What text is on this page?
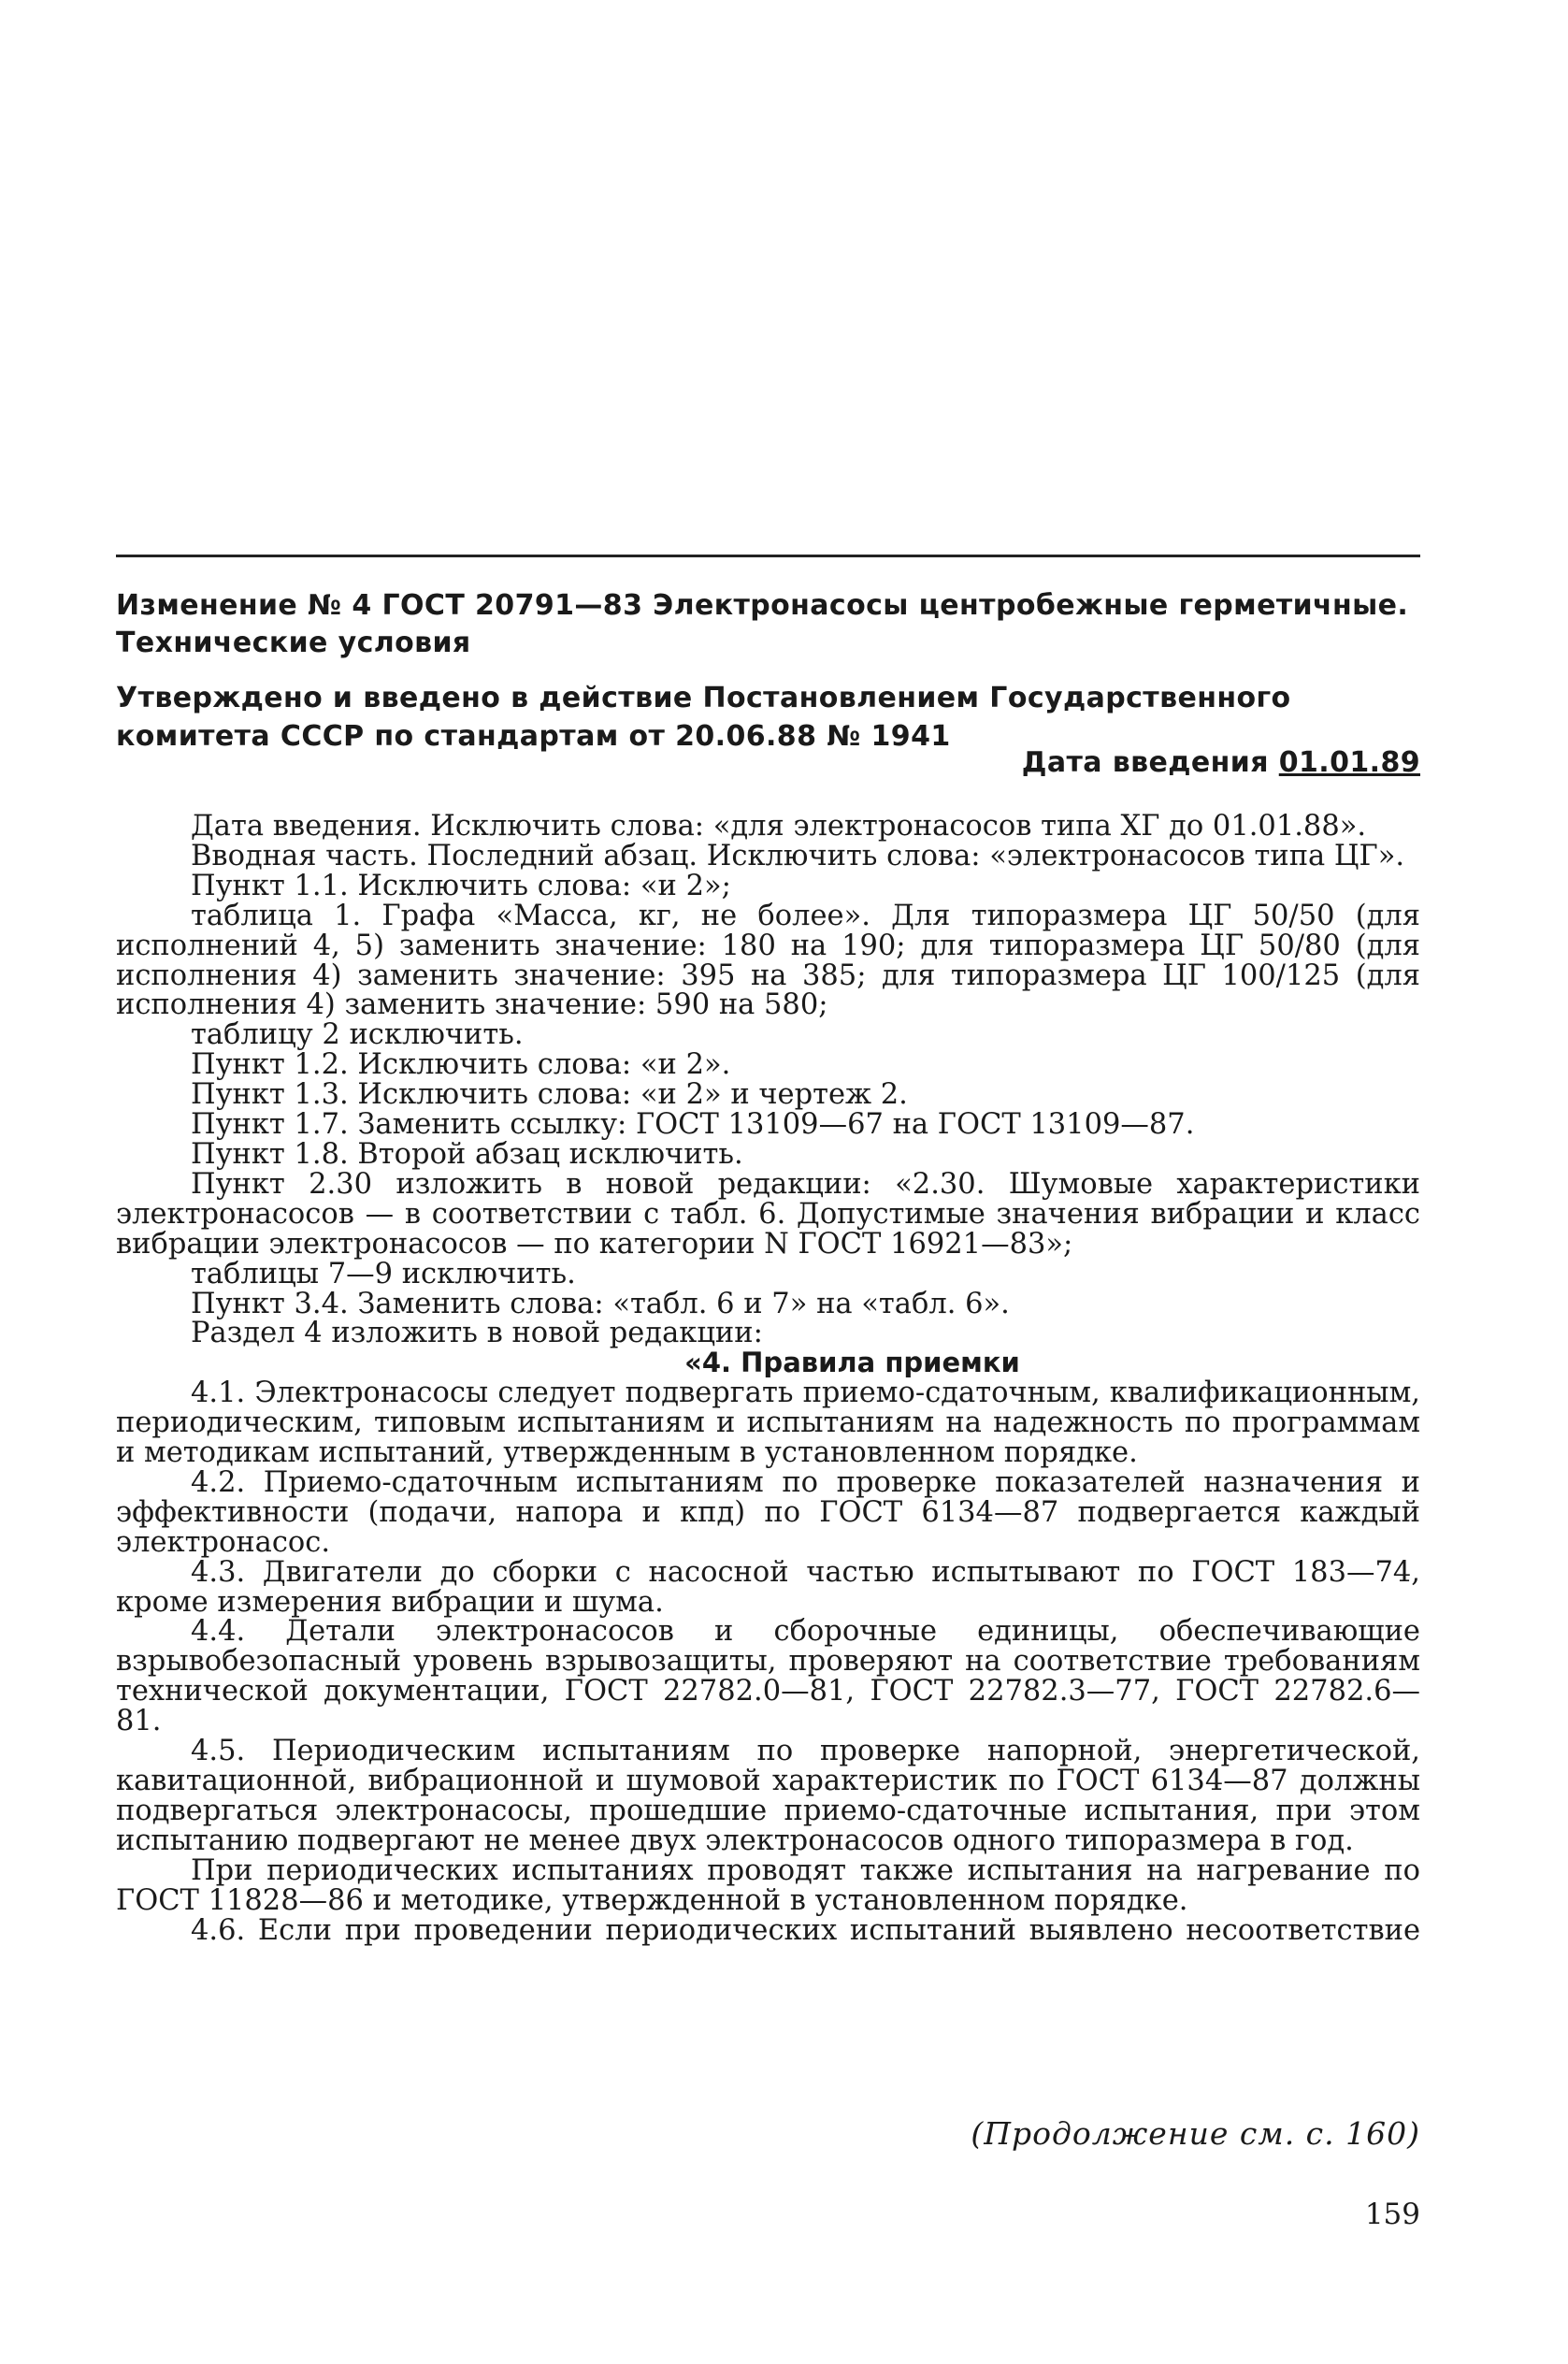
Изменение № 4 ГОСТ 20791—83 Электронасосы центробежные герметичные. Технические условия
Утверждено и введено в действие Постановлением Государственного комитета СССР по стандартам от 20.06.88 № 1941
Дата введения 01.01.89

Дата введения. Исключить слова: «для электронасосов типа ХГ до 01.01.88».

Вводная часть. Последний абзац. Исключить слова: «электронасосов типа ЦГ».

Пункт 1.1. Исключить слова: «и 2»;

таблица 1. Графа «Масса, кг, не более». Для типоразмера ЦГ 50/50 (для исполнений 4, 5) заменить значение: 180 на 190; для типоразмера ЦГ 50/80 (для исполнения 4) заменить значение: 395 на 385; для типоразмера ЦГ 100/125 (для исполнения 4) заменить значение: 590 на 580;

таблицу 2 исключить.

Пункт 1.2. Исключить слова: «и 2».

Пункт 1.3. Исключить слова: «и 2» и чертеж 2.

Пункт 1.7. Заменить ссылку: ГОСТ 13109—67 на ГОСТ 13109—87.

Пункт 1.8. Второй абзац исключить.

Пункт 2.30 изложить в новой редакции: «2.30. Шумовые характеристики электронасосов — в соответствии с табл. 6. Допустимые значения вибрации и класс вибрации электронасосов — по категории N ГОСТ 16921—83»;

таблицы 7—9 исключить.

Пункт 3.4. Заменить слова: «табл. 6 и 7» на «табл. 6».

Раздел 4 изложить в новой редакции:

«4. Правила приемки

4.1. Электронасосы следует подвергать приемо-сдаточным, квалификационным, периодическим, типовым испытаниям и испытаниям на надежность по программам и методикам испытаний, утвержденным в установленном порядке.

4.2. Приемо-сдаточным испытаниям по проверке показателей назначения и эффективности (подачи, напора и кпд) по ГОСТ 6134—87 подвергается каждый электронасос.

4.3. Двигатели до сборки с насосной частью испытывают по ГОСТ 183—74, кроме измерения вибрации и шума.

4.4. Детали электронасосов и сборочные единицы, обеспечивающие взрывобезопасный уровень взрывозащиты, проверяют на соответствие требованиям технической документации, ГОСТ 22782.0—81, ГОСТ 22782.3—77, ГОСТ 22782.6—81.

4.5. Периодическим испытаниям по проверке напорной, энергетической, кавитационной, вибрационной и шумовой характеристик по ГОСТ 6134—87 должны подвергаться электронасосы, прошедшие приемо-сдаточные испытания, при этом испытанию подвергают не менее двух электронасосов одного типоразмера в год.

При периодических испытаниях проводят также испытания на нагревание по ГОСТ 11828—86 и методике, утвержденной в установленном порядке.

4.6. Если при проведении периодических испытаний выявлено несоответствие

(Продолжение см. с. 160)
159
